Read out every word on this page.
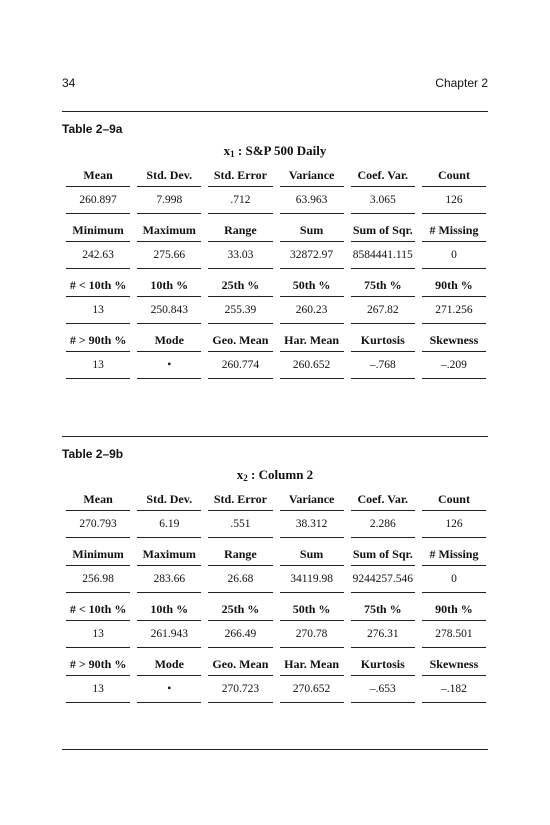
34	Chapter 2
Table 2–9a
$x_1$ : S&P 500 Daily
Mean
260.897
Std. Dev.
7.998
Std. Error
.712
Variance
63.963
Coef. Var.
3.065
Count
126
Minimum
242.63
Maximum
275.66
Range
33.03
Sum
32872.97
Sum of Sqr.
8584441.115
# Missing
0
# < 10th %
13
10th %
250.843
25th %
255.39
50th %
260.23
75th %
267.82
90th %
271.256
# > 90th %
13
Mode
•
Geo. Mean
260.774
Har. Mean
260.652
Kurtosis
–.768
Skewness
–.209
Table 2–9b
$x_2$ : Column 2
Mean
270.793
Std. Dev.
6.19
Std. Error
.551
Variance
38.312
Coef. Var.
2.286
Count
126
Minimum
256.98
Maximum
283.66
Range
26.68
Sum
34119.98
Sum of Sqr.
9244257.546
# Missing
0
# < 10th %
13
10th %
261.943
25th %
266.49
50th %
270.78
75th %
276.31
90th %
278.501
# > 90th %
13
Mode
•
Geo. Mean
270.723
Har. Mean
270.652
Kurtosis
–.653
Skewness
–.182
